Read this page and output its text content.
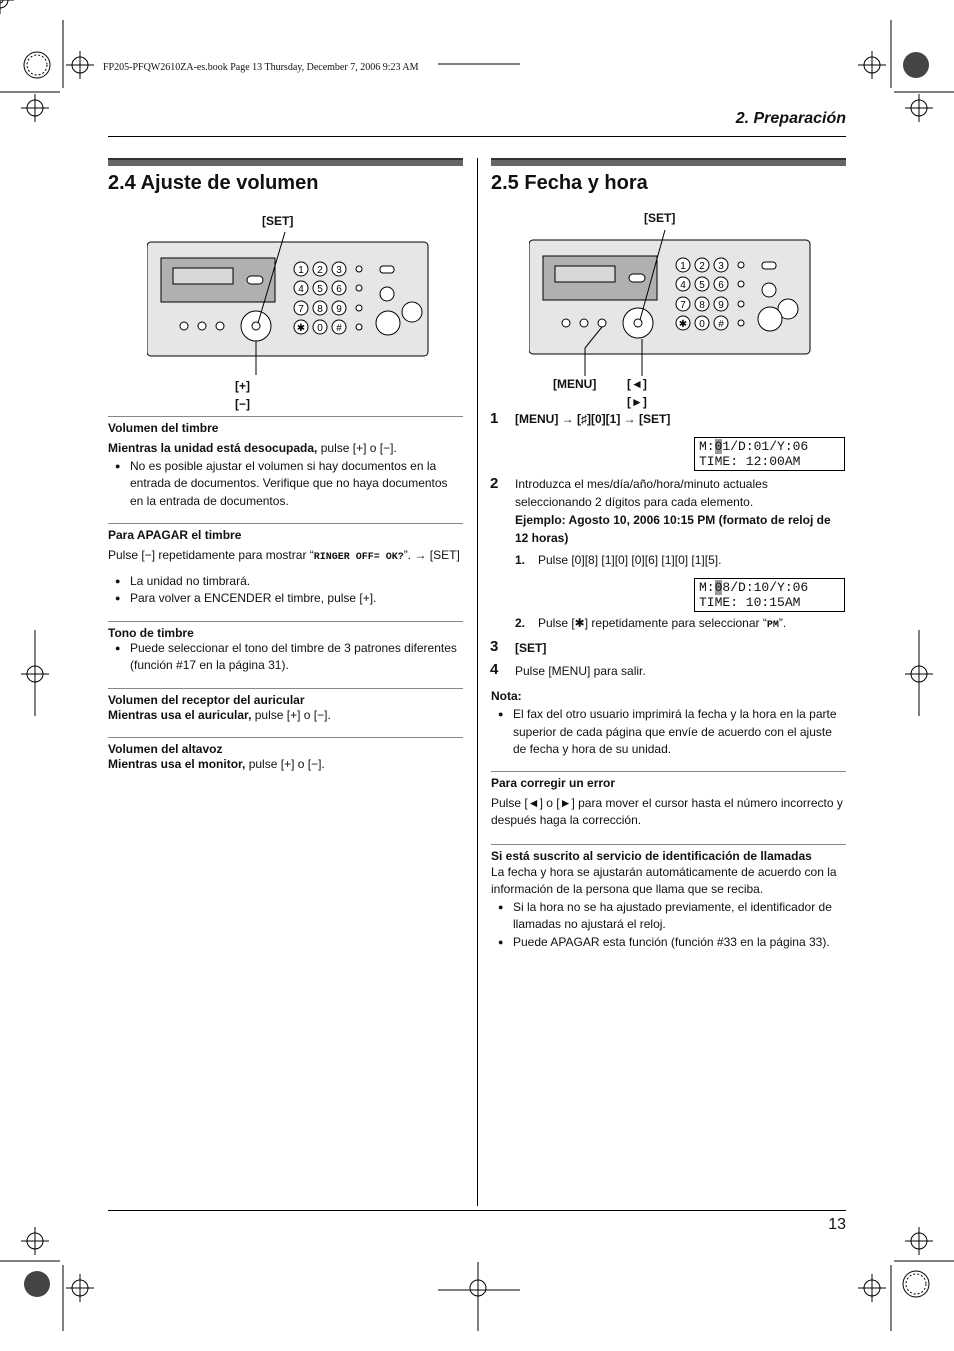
FP205-PFQW2610ZA-es.book Page 13 Thursday, December 7, 2006 9:23 AM
2. Preparación
2.4 Ajuste de volumen
[SET]
1 2 3
4 5 6
7 8 9
✱ 0 #
[+][−]
Volumen del timbre
Mientras la unidad está desocupada, pulse [+] o [−].
● No es posible ajustar el volumen si hay documentos en la entrada de documentos. Verifique que no haya documentos en la entrada de documentos.
Para APAGAR el timbre
Pulse [−] repetidamente para mostrar “RINGER OFF= OK?”. → [SET]
● La unidad no timbrará.
● Para volver a ENCENDER el timbre, pulse [+].
Tono de timbre
● Puede seleccionar el tono del timbre de 3 patrones diferentes (función #17 en la página 31).
Volumen del receptor del auricular
Mientras usa el auricular, pulse [+] o [−].
Volumen del altavoz
Mientras usa el monitor, pulse [+] o [−].
2.5 Fecha y hora
[SET]
1 2 3
4 5 6
7 8 9
✱ 0 #
[MENU]	[◄][►]
1 [MENU] → [♯][0][1] → [SET]
M:01/D:01/Y:06
TIME: 12:00AM
2 Introduzca el mes/día/año/hora/minuto actuales seleccionando 2 dígitos para cada elemento.
Ejemplo: Agosto 10, 2006 10:15 PM (formato de reloj de 12 horas)
1. Pulse [0][8] [1][0] [0][6] [1][0] [1][5].
M:08/D:10/Y:06
TIME: 10:15AM
2. Pulse [✱] repetidamente para seleccionar “PM”.
3 [SET]
4 Pulse [MENU] para salir.
Nota:
● El fax del otro usuario imprimirá la fecha y la hora en la parte superior de cada página que envíe de acuerdo con el ajuste de fecha y hora de su unidad.
Para corregir un error
Pulse [◄] o [►] para mover el cursor hasta el número incorrecto y después haga la corrección.
Si está suscrito al servicio de identificación de llamadas
La fecha y hora se ajustarán automáticamente de acuerdo con la información de la persona que llama que se reciba.
● Si la hora no se ha ajustado previamente, el identificador de llamadas no ajustará el reloj.
● Puede APAGAR esta función (función #33 en la página 33).
13
